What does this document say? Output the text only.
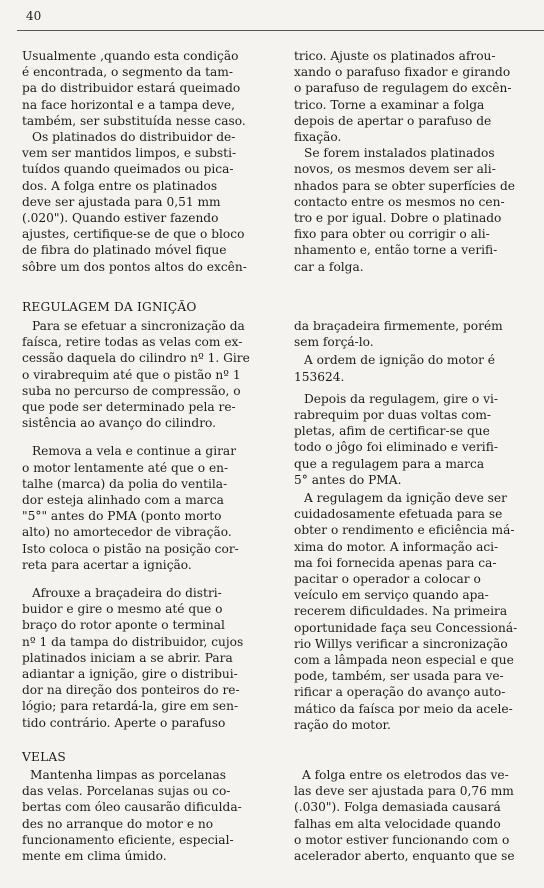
40

Usualmente ,quando esta condição
é encontrada, o segmento da tam-
pa do distribuidor estará queimado
na face horizontal e a tampa deve,
também, ser substituída nesse caso.

Os platinados do distribuidor de-
vem ser mantidos limpos, e substi-
tuídos quando queimados ou pica-
dos. A folga entre os platinados
deve ser ajustada para 0,51 mm
(.020"). Quando estiver fazendo
ajustes, certifique-se de que o bloco
de fibra do platinado móvel fique
sôbre um dos pontos altos do excên-

REGULAGEM DA IGNIÇÃO

Para se efetuar a sincronização da
faísca, retire todas as velas com ex-
cessão daquela do cilindro nº 1. Gire
o virabrequim até que o pistão nº 1
suba no percurso de compressão, o
que pode ser determinado pela re-
sistência ao avanço do cilindro.

Remova a vela e continue a girar
o motor lentamente até que o en-
talhe (marca) da polia do ventila-
dor esteja alinhado com a marca
"5°" antes do PMA (ponto morto
alto) no amortecedor de vibração.
Isto coloca o pistão na posição cor-
reta para acertar a ignição.

Afrouxe a braçadeira do distri-
buidor e gire o mesmo até que o
braço do rotor aponte o terminal
nº 1 da tampa do distribuidor, cujos
platinados iniciam a se abrir. Para
adiantar a ignição, gire o distribui-
dor na direção dos ponteiros do re-
lógio; para retardá-la, gire em sen-
tido contrário. Aperte o parafuso

VELAS

Mantenha limpas as porcelanas
das velas. Porcelanas sujas ou co-
bertas com óleo causarão dificulda-
des no arranque do motor e no
funcionamento eficiente, especial-
mente em clima úmido.

trico. Ajuste os platinados afrou-
xando o parafuso fixador e girando
o parafuso de regulagem do excên-
trico. Torne a examinar a folga
depois de apertar o parafuso de
fixação.

Se forem instalados platinados
novos, os mesmos devem ser ali-
nhados para se obter superfícies de
contacto entre os mesmos no cen-
tro e por igual. Dobre o platinado
fixo para obter ou corrigir o ali-
nhamento e, então torne a verifi-
car a folga.

da braçadeira firmemente, porém
sem forçá-lo.

A ordem de ignição do motor é
153624.

Depois da regulagem, gire o vi-
rabrequim por duas voltas com-
pletas, afim de certificar-se que
todo o jôgo foi eliminado e verifi-
que a regulagem para a marca
5° antes do PMA.

A regulagem da ignição deve ser
cuidadosamente efetuada para se
obter o rendimento e eficiência má-
xima do motor. A informação aci-
ma foi fornecida apenas para ca-
pacitar o operador a colocar o
veículo em serviço quando apa-
recerem dificuldades. Na primeira
oportunidade faça seu Concessioná-
rio Willys verificar a sincronização
com a lâmpada neon especial e que
pode, também, ser usada para ve-
rificar a operação do avanço auto-
mático da faísca por meio da acele-
ração do motor.

A folga entre os eletrodos das ve-
las deve ser ajustada para 0,76 mm
(.030"). Folga demasiada causará
falhas em alta velocidade quando
o motor estiver funcionando com o
acelerador aberto, enquanto que se
